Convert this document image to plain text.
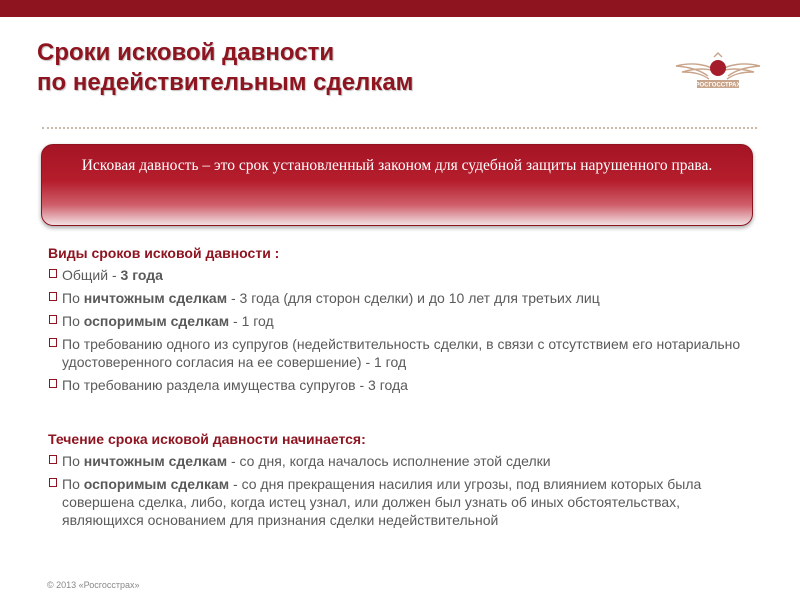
Сроки исковой давности
по недействительным сделкам	РОСГОССТРАХ

Исковая давность – это срок установленный законом для судебной защиты нарушенного права.

Виды сроков исковой давности :
Общий - 3 года
По ничтожным сделкам - 3 года (для сторон сделки) и до 10 лет для третьих лиц
По оспоримым сделкам - 1 год
По требованию одного из супругов (недействительность сделки, в связи с отсутствием его нотариально удостоверенного согласия на ее совершение) - 1 год
По требованию раздела имущества супругов - 3 года
Течение срока исковой давности начинается:
По ничтожным сделкам - со дня, когда началось исполнение этой сделки
По оспоримым сделкам - со дня прекращения насилия или угрозы, под влиянием которых была совершена сделка, либо, когда истец узнал, или должен был узнать об иных обстоятельствах, являющихся основанием для признания сделки недействительной
© 2013 «Росгосстрах»
